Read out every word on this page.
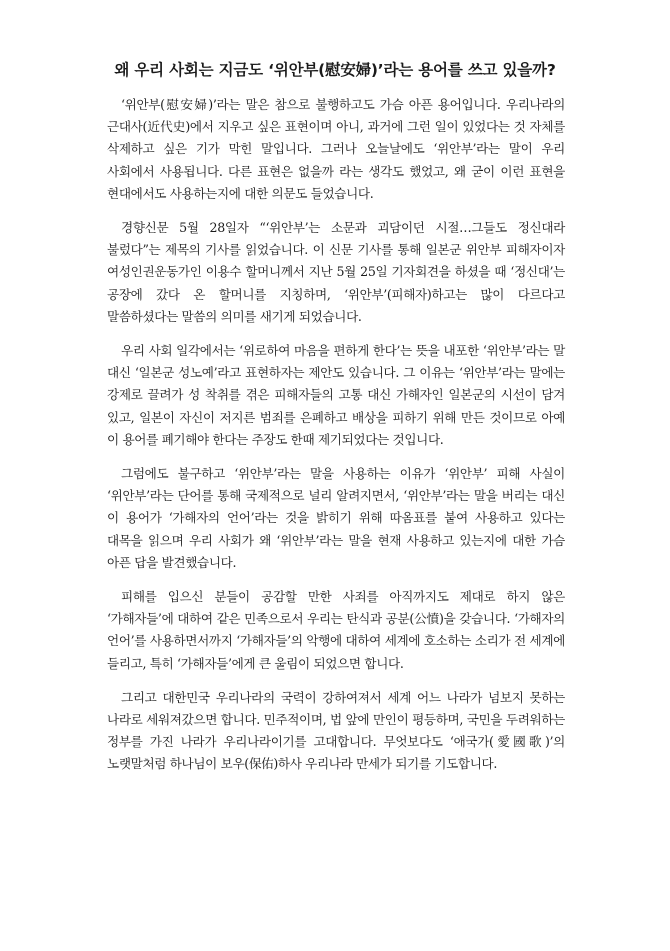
왜 우리 사회는 지금도 ‘위안부(慰安婦)’라는 용어를 쓰고 있을까?

‘위안부(慰安婦)’라는 말은 참으로 불행하고도 가슴 아픈 용어입니다. 우리나라의 근대사(近代史)에서 지우고 싶은 표현이며 아니, 과거에 그런 일이 있었다는 것 자체를 삭제하고 싶은 기가 막힌 말입니다. 그러나 오늘날에도 ‘위안부’라는 말이 우리 사회에서 사용됩니다. 다른 표현은 없을까 라는 생각도 했었고, 왜 굳이 이런 표현을 현대에서도 사용하는지에 대한 의문도 들었습니다.

경향신문 5월 28일자 “‘위안부’는 소문과 괴담이던 시절…그들도 정신대라 불렀다”는 제목의 기사를 읽었습니다. 이 신문 기사를 통해 일본군 위안부 피해자이자 여성인권운동가인 이용수 할머니께서 지난 5월 25일 기자회견을 하셨을 때 ‘정신대’는 공장에 갔다 온 할머니를 지칭하며, ‘위안부’(피해자)하고는 많이 다르다고 말씀하셨다는 말씀의 의미를 새기게 되었습니다.

우리 사회 일각에서는 ‘위로하여 마음을 편하게 한다’는 뜻을 내포한 ‘위안부’라는 말 대신 ‘일본군 성노예’라고 표현하자는 제안도 있습니다. 그 이유는 ‘위안부’라는 말에는 강제로 끌려가 성 착취를 겪은 피해자들의 고통 대신 가해자인 일본군의 시선이 담겨 있고, 일본이 자신이 저지른 범죄를 은폐하고 배상을 피하기 위해 만든 것이므로 아예 이 용어를 폐기해야 한다는 주장도 한때 제기되었다는 것입니다.

그럼에도 불구하고 ‘위안부’라는 말을 사용하는 이유가 ‘위안부’ 피해 사실이 ‘위안부’라는 단어를 통해 국제적으로 널리 알려지면서, ‘위안부’라는 말을 버리는 대신 이 용어가 ‘가해자의 언어’라는 것을 밝히기 위해 따옴표를 붙여 사용하고 있다는 대목을 읽으며 우리 사회가 왜 ‘위안부’라는 말을 현재 사용하고 있는지에 대한 가슴 아픈 답을 발견했습니다.

피해를 입으신 분들이 공감할 만한 사죄를 아직까지도 제대로 하지 않은 ‘가해자들’에 대하여 같은 민족으로서 우리는 탄식과 공분(公憤)을 갖습니다. ‘가해자의 언어’를 사용하면서까지 ‘가해자들’의 악행에 대하여 세계에 호소하는 소리가 전 세계에 들리고, 특히 ‘가해자들’에게 큰 울림이 되었으면 합니다.

그리고 대한민국 우리나라의 국력이 강하여져서 세계 어느 나라가 넘보지 못하는 나라로 세워져갔으면 합니다. 민주적이며, 법 앞에 만인이 평등하며, 국민을 두려워하는 정부를 가진 나라가 우리나라이기를 고대합니다. 무엇보다도 ‘애국가(愛國歌)’의 노랫말처럼 하나님이 보우(保佑)하사 우리나라 만세가 되기를 기도합니다.
